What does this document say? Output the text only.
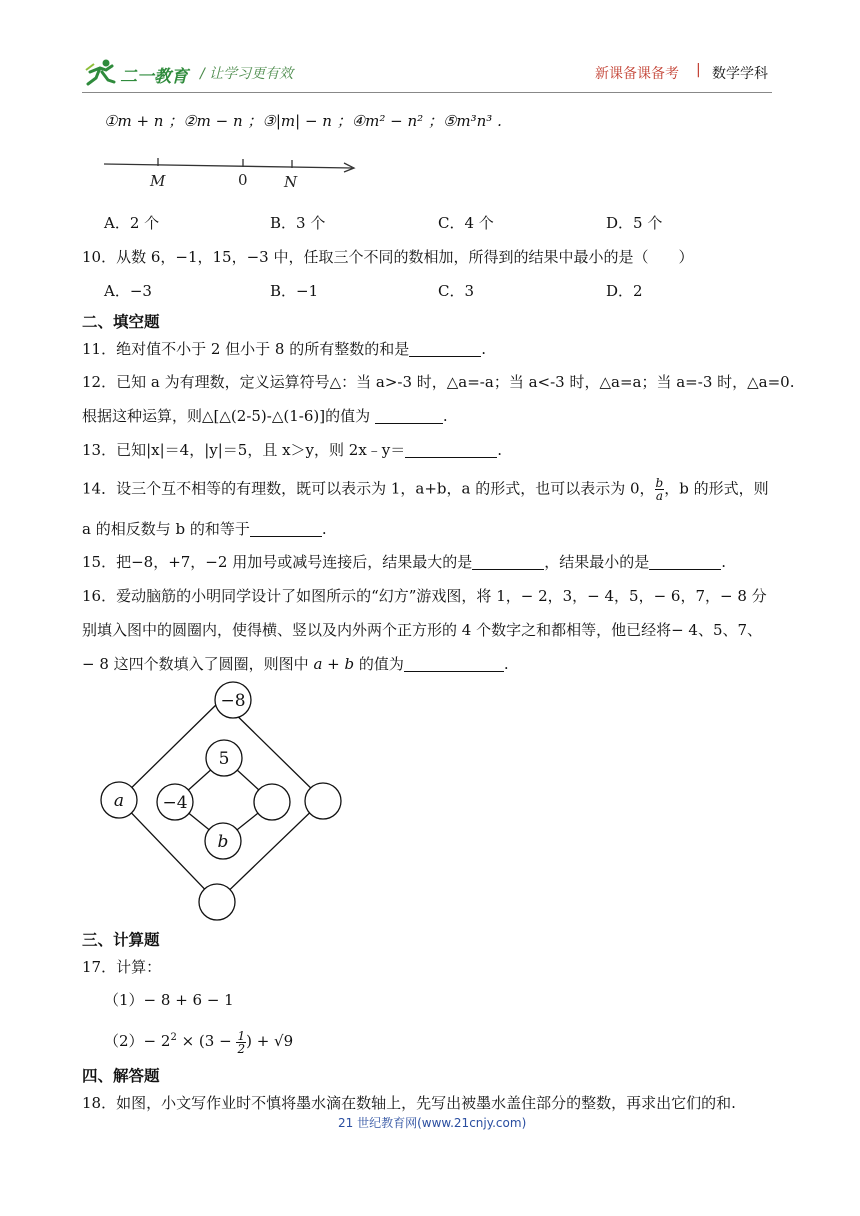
二一教育 / 让学习更有效	新课备课备考 | 数学学科
①m + n ；②m − n ；③|m| − n ；④m² − n² ；⑤m³n³ .
M	0 N
A．2 个	B．3 个	C．4 个	D．5 个
10．从数 6，−1，15，−3 中，任取三个不同的数相加，所得到的结果中最小的是（　　）
A．−3	B．−1	C．3	D．2
二、填空题
11．绝对值不小于 2 但小于 8 的所有整数的和是	.
12．已知 a 为有理数，定义运算符号△：当 a>-3 时，△a=-a；当 a<-3 时，△a=a；当 a=-3 时，△a=0.
根据这种运算，则△[△(2-5)-△(1-6)]的值为	.
13．已知|x|＝4，|y|＝5，且 x＞y，则 2x﹣y＝	.
14．设三个互不相等的有理数，既可以表示为 1，a+b，a 的形式，也可以表示为 0， $\frac{b}{a}$ ，b 的形式，则
a 的相反数与 b 的和等于	.
15．把−8，+7，−2 用加号或减号连接后，结果最大的是	，结果最小的是	.
16．爱动脑筋的小明同学设计了如图所示的“幻方”游戏图，将 1，− 2，3，− 4，5，− 6，7，− 8 分
别填入图中的圆圈内，使得横、竖以及内外两个正方形的 4 个数字之和都相等，他已经将− 4、5、7、
− 8 这四个数填入了圆圈，则图中 a + b 的值为	.
−8
a
5
−4
b
三、计算题
17．计算：
（1）− 8 + 6 − 1
$(2)- 2^2 \times (3 - \frac{1}{2}$ ) + √9
四、解答题
18．如图，小文写作业时不慎将墨水滴在数轴上，先写出被墨水盖住部分的整数，再求出它们的和.
21 世纪教育网(www.21cnjy.com)
